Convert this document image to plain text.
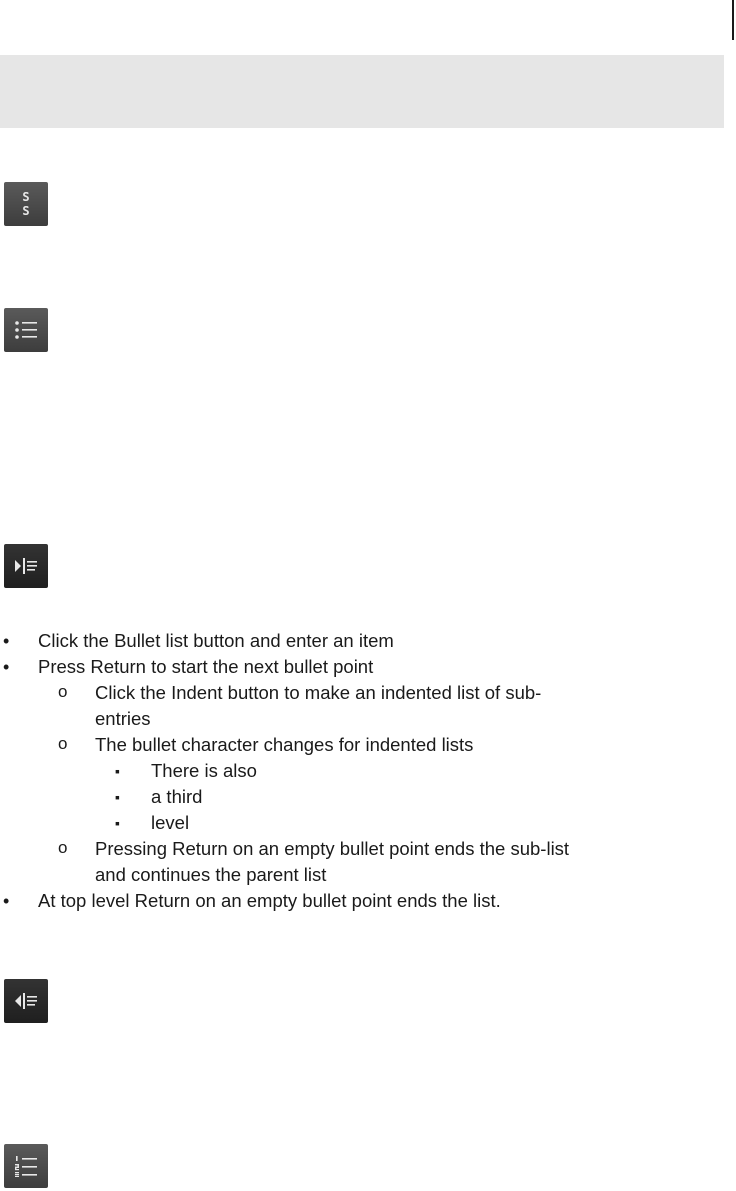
S
S
• Click the Bullet list button and enter an item
• Press Return to start the next bullet point
o Click the Indent button to make an indented list of sub-entries
o The bullet character changes for indented lists
▪ There is also
▪ a third
▪ level
o Pressing Return on an empty bullet point ends the sub-list and continues the parent list
• At top level Return on an empty bullet point ends the list.
